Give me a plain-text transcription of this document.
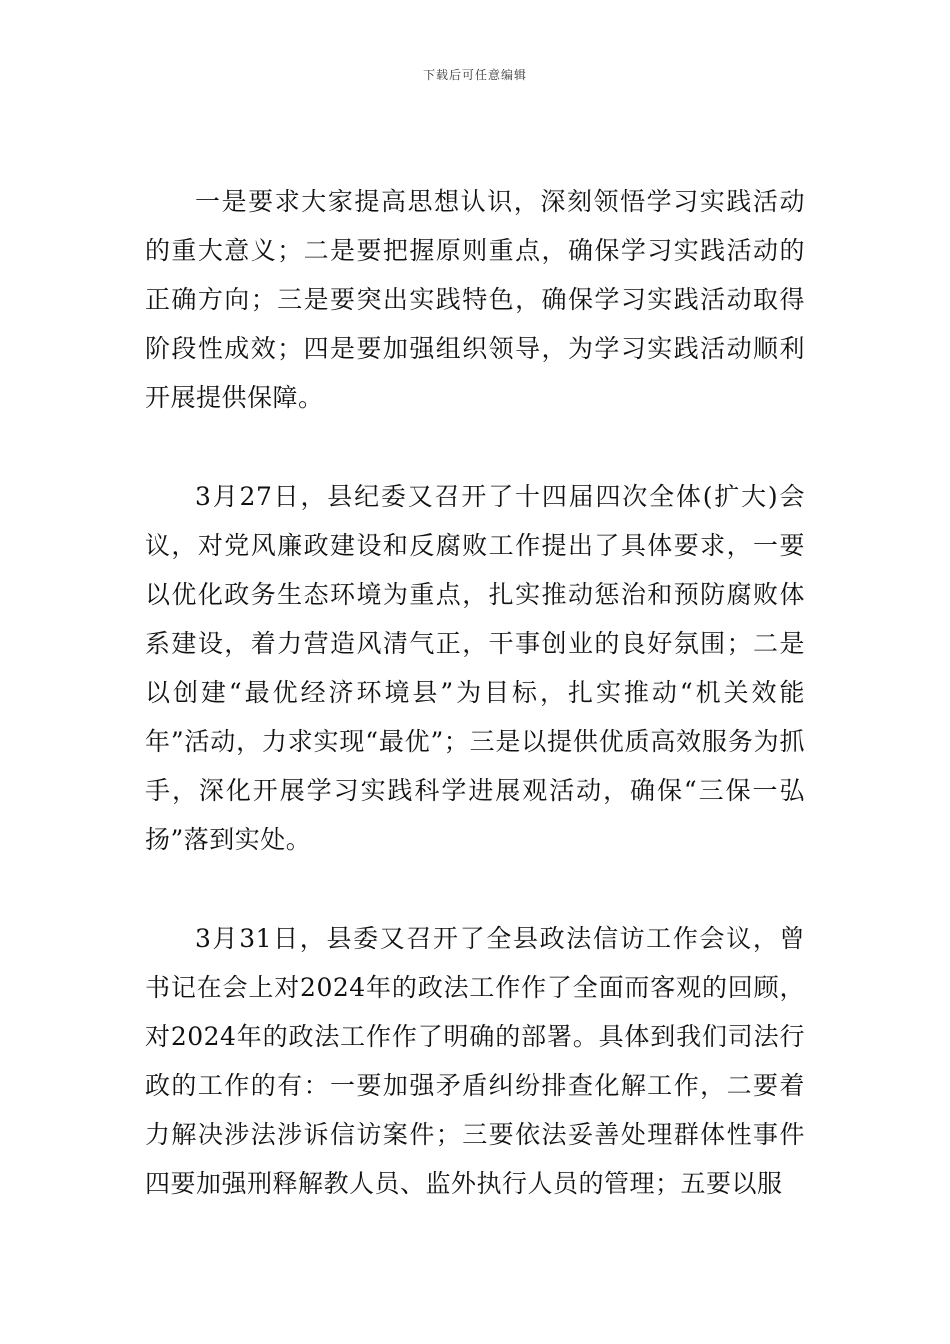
下载后可任意编辑

一是要求大家提高思想认识，深刻领悟学习实践活动的重大意义；二是要把握原则重点，确保学习实践活动的正确方向；三是要突出实践特色，确保学习实践活动取得阶段性成效；四是要加强组织领导，为学习实践活动顺利开展提供保障。

3月27日，县纪委又召开了十四届四次全体(扩大)会议，对党风廉政建设和反腐败工作提出了具体要求，一要以优化政务生态环境为重点，扎实推动惩治和预防腐败体系建设，着力营造风清气正，干事创业的良好氛围；二是以创建“最优经济环境县”为目标，扎实推动“机关效能年”活动，力求实现“最优”；三是以提供优质高效服务为抓手，深化开展学习实践科学进展观活动，确保“三保一弘扬”落到实处。

3月31日，县委又召开了全县政法信访工作会议，曾书记在会上对2024年的政法工作作了全面而客观的回顾，对2024年的政法工作作了明确的部署。具体到我们司法行政的工作的有：一要加强矛盾纠纷排查化解工作，二要着力解决涉法涉诉信访案件；三要依法妥善处理群体性事件四要加强刑释解教人员、监外执行人员的管理；五要以服
